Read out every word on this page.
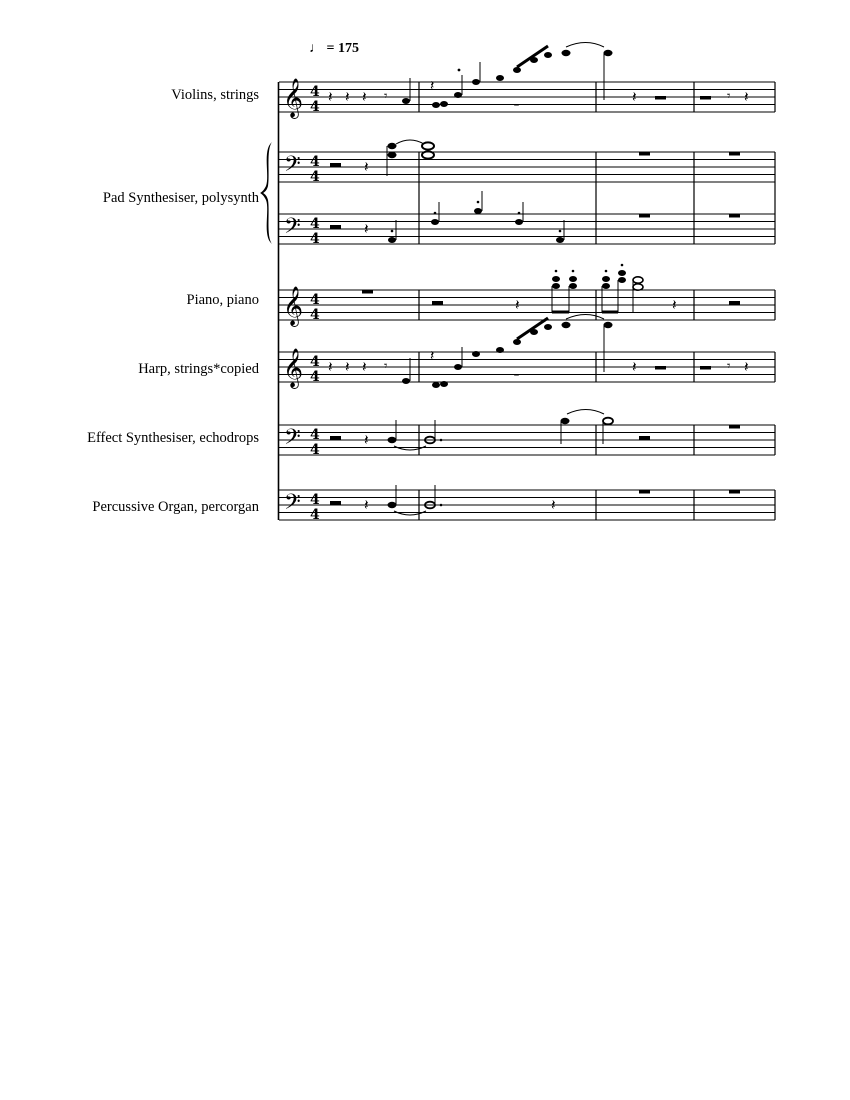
♩ = 175
Violins, strings
Pad Synthesiser, polysynth
Piano, piano
Harp, strings*copied
Effect Synthesiser, echodrops
Percussive Organ, percorgan
𝄞 4
4
𝄽 𝄽 𝄽 𝄾
𝄽
𝄼
𝄽	𝄾 𝄽
𝄢 4
4
𝄽
𝄢 4
4
𝄽
𝄞 4
4
𝄽	𝄽
𝄞 4
4
𝄽 𝄽 𝄽 𝄾
𝄽
𝄼
𝄽	𝄾 𝄽
𝄢 4
4
𝄽
𝄢 4
4
𝄽	𝄽
